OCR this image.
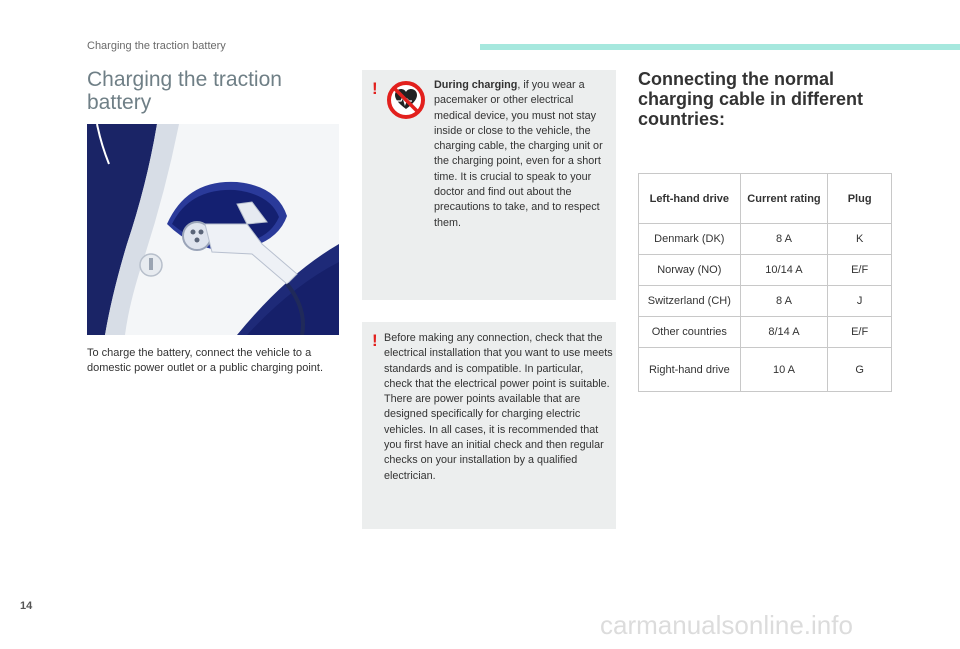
Charging the traction battery
Charging the traction battery

To charge the battery, connect the vehicle to a domestic power outlet or a public charging point.

!	During charging, if you wear a pacemaker or other electrical medical device, you must not stay inside or close to the vehicle, the charging cable, the charging unit or the charging point, even for a short time. It is crucial to speak to your doctor and find out about the precautions to take, and to respect them.

! Before making any connection, check that the electrical installation that you want to use meets standards and is compatible. In particular, check that the electrical power point is suitable. There are power points available that are designed specifically for charging electric vehicles. In all cases, it is recommended that you first have an initial check and then regular checks on your installation by a qualified electrician.

Connecting the normal charging cable in different countries:
Left-hand drive	Current rating	Plug
Denmark (DK)	8 A	K
Norway (NO)	10/14 A	E/F
Switzerland (CH)	8 A	J
Other countries	8/14 A	E/F
Right-hand drive	10 A	G
14
carmanualsonline.info
